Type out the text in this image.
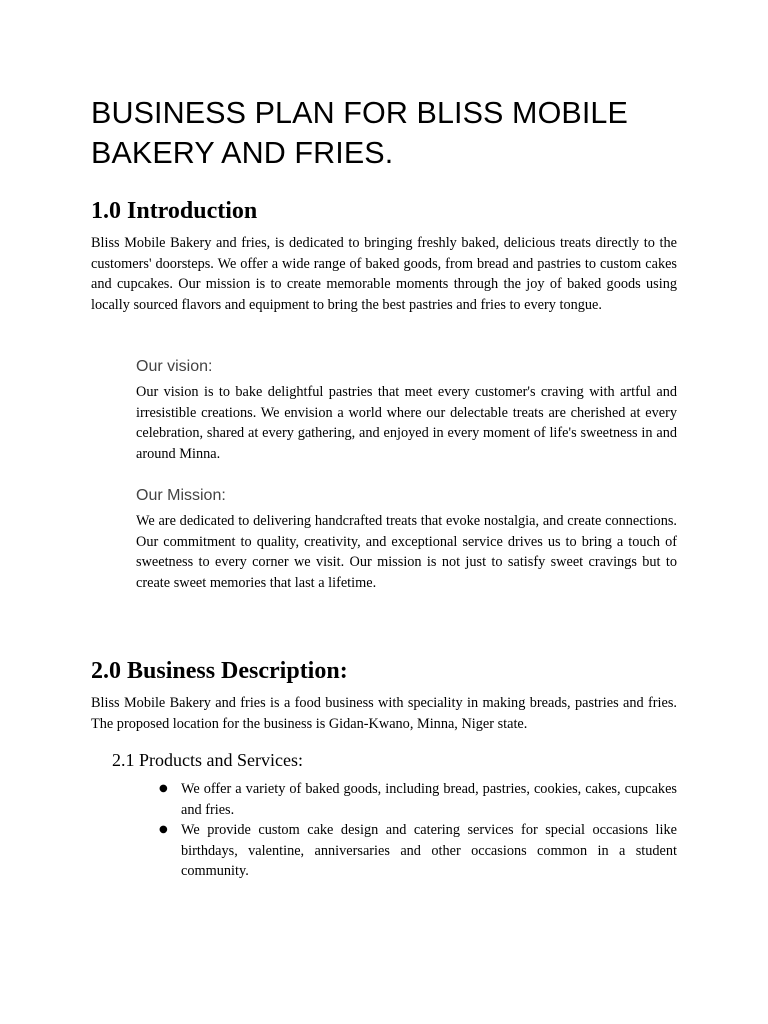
BUSINESS PLAN FOR BLISS MOBILE BAKERY AND FRIES.
1.0 Introduction

Bliss Mobile Bakery and fries, is dedicated to bringing freshly baked, delicious treats directly to the customers' doorsteps. We offer a wide range of baked goods, from bread and pastries to custom cakes and cupcakes. Our mission is to create memorable moments through the joy of baked goods using locally sourced flavors and equipment to bring the best pastries and fries to every tongue.

Our vision:

Our vision is to bake delightful pastries that meet every customer's craving with artful and irresistible creations. We envision a world where our delectable treats are cherished at every celebration, shared at every gathering, and enjoyed in every moment of life's sweetness in and around Minna.

Our Mission:

We are dedicated to delivering handcrafted treats that evoke nostalgia, and create connections. Our commitment to quality, creativity, and exceptional service drives us to bring a touch of sweetness to every corner we visit. Our mission is not just to satisfy sweet cravings but to create sweet memories that last a lifetime.

2.0 Business Description:

Bliss Mobile Bakery and fries is a food business with speciality in making breads, pastries and fries. The proposed location for the business is Gidan-Kwano, Minna, Niger state.

2.1 Products and Services:
● We offer a variety of baked goods, including bread, pastries, cookies, cakes, cupcakes and fries.
● We provide custom cake design and catering services for special occasions like birthdays, valentine, anniversaries and other occasions common in a student community.
